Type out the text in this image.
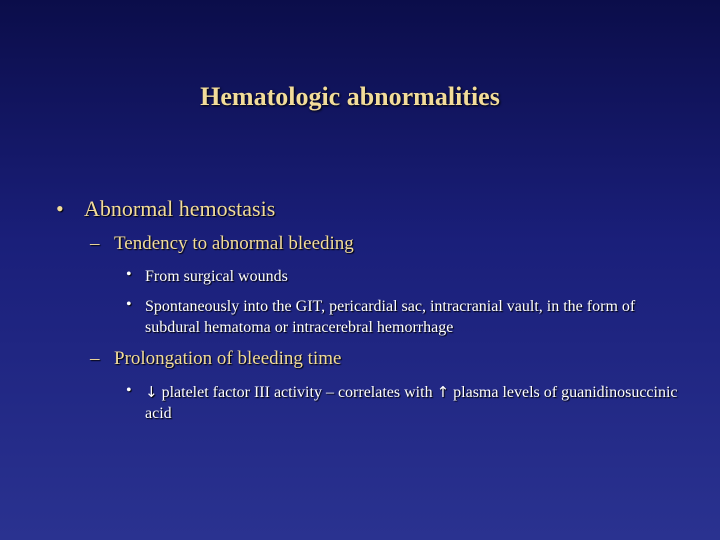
Hematologic abnormalities
• Abnormal hemostasis
– Tendency to abnormal bleeding
• From surgical wounds
• Spontaneously into the GIT, pericardial sac, intracranial vault, in the form of subdural hematoma or intracerebral hemorrhage
– Prolongation of bleeding time
• ↓ platelet factor III activity – correlates with ↑ plasma levels of guanidinosuccinic acid
